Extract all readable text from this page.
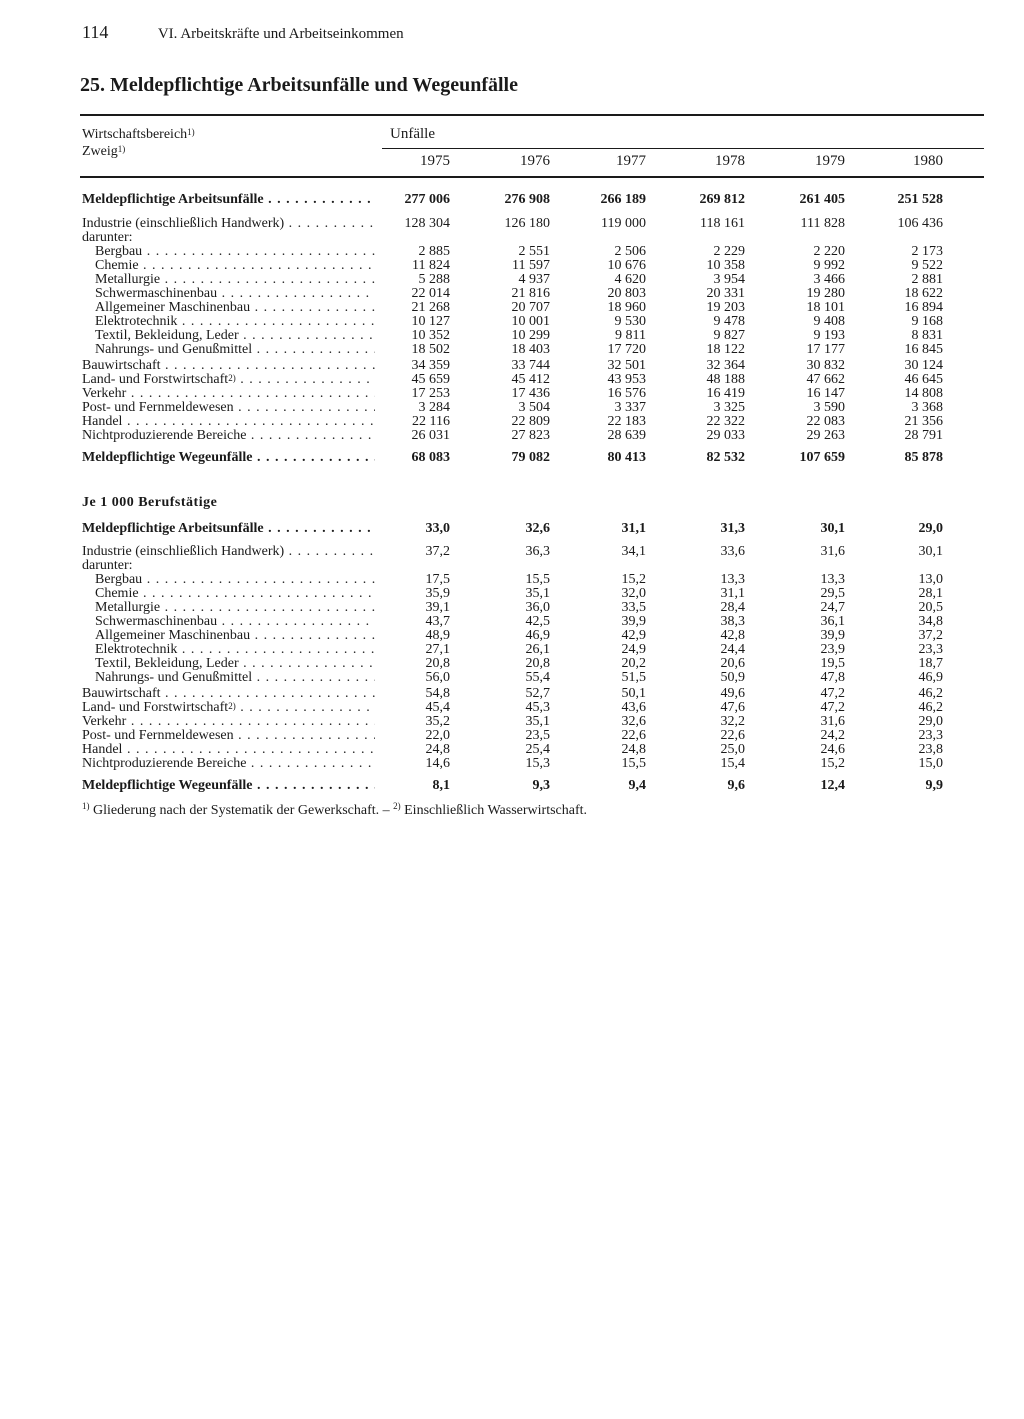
114	VI. Arbeitskräfte und Arbeitseinkommen
25. Meldepflichtige Arbeitsunfälle und Wegeunfälle
Wirtschaftsbereich$^{1)}$
Zweig$^{1)}$
Unfälle
1975	1976	1977	1978	1979	1980
Meldepflichtige Arbeitsunfälle . . .	277 006	276 908	266 189	269 812	261 405	251 528
Industrie (einschließlich Handwerk) . . .	128 304	126 180	119 000	118 161	111 828	106 436
darunter:
Bergbau . . .	2 885	2 551	2 506	2 229	2 220	2 173
Chemie . . .	11 824	11 597	10 676	10 358	9 992	9 522
Metallurgie . . .	5 288	4 937	4 620	3 954	3 466	2 881
Schwermaschinenbau . . .	22 014	21 816	20 803	20 331	19 280	18 622
Allgemeiner Maschinenbau . . .	21 268	20 707	18 960	19 203	18 101	16 894
Elektrotechnik . . .	10 127	10 001	9 530	9 478	9 408	9 168
Textil, Bekleidung, Leder . . .	10 352	10 299	9 811	9 827	9 193	8 831
Nahrungs- und Genußmittel . . .	18 502	18 403	17 720	18 122	17 177	16 845
Bauwirtschaft . . .	34 359	33 744	32 501	32 364	30 832	30 124
Land- und Forstwirtschaft$^{2)}$ . . .	45 659	45 412	43 953	48 188	47 662	46 645
Verkehr . . .	17 253	17 436	16 576	16 419	16 147	14 808
Post- und Fernmeldewesen . . .	3 284	3 504	3 337	3 325	3 590	3 368
Handel . . .	22 116	22 809	22 183	22 322	22 083	21 356
Nichtproduzierende Bereiche . . .	26 031	27 823	28 639	29 033	29 263	28 791
Meldepflichtige Wegeunfälle . . .	68 083	79 082	80 413	82 532	107 659	85 878
Je 1 000 Berufstätige
Meldepflichtige Arbeitsunfälle . . .	33,0	32,6	31,1	31,3	30,1	29,0
Industrie (einschließlich Handwerk) . . .	37,2	36,3	34,1	33,6	31,6	30,1
darunter:
Bergbau . . .	17,5	15,5	15,2	13,3	13,3	13,0
Chemie . . .	35,9	35,1	32,0	31,1	29,5	28,1
Metallurgie . . .	39,1	36,0	33,5	28,4	24,7	20,5
Schwermaschinenbau . . .	43,7	42,5	39,9	38,3	36,1	34,8
Allgemeiner Maschinenbau . . .	48,9	46,9	42,9	42,8	39,9	37,2
Elektrotechnik . . .	27,1	26,1	24,9	24,4	23,9	23,3
Textil, Bekleidung, Leder . . .	20,8	20,8	20,2	20,6	19,5	18,7
Nahrungs- und Genußmittel . . .	56,0	55,4	51,5	50,9	47,8	46,9
Bauwirtschaft . . .	54,8	52,7	50,1	49,6	47,2	46,2
Land- und Forstwirtschaft$^{2)}$ . . .	45,4	45,3	43,6	47,6	47,2	46,2
Verkehr . . .	35,2	35,1	32,6	32,2	31,6	29,0
Post- und Fernmeldewesen . . .	22,0	23,5	22,6	22,6	24,2	23,3
Handel . . .	24,8	25,4	24,8	25,0	24,6	23,8
Nichtproduzierende Bereiche . . .	14,6	15,3	15,5	15,4	15,2	15,0
Meldepflichtige Wegeunfälle . . .	8,1	9,3	9,4	9,6	12,4	9,9
$^{1)}$ Gliederung nach der Systematik der Gewerkschaft. – $^{2)}$ Einschließlich Wasserwirtschaft.
